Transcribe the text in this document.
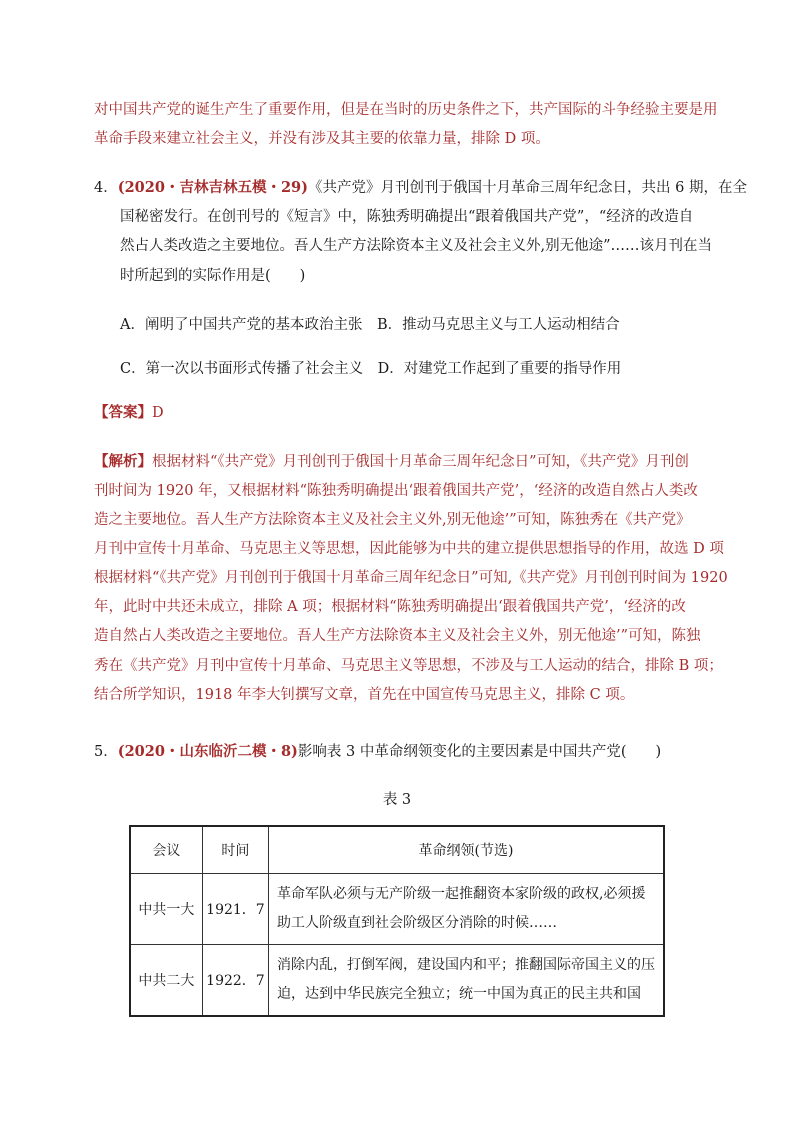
对中国共产党的诞生产生了重要作用，但是在当时的历史条件之下，共产国际的斗争经验主要是用
革命手段来建立社会主义，并没有涉及其主要的依靠力量，排除 D 项。
4．(2020・吉林吉林五模・29)《共产党》月刊创刊于俄国十月革命三周年纪念日，共出 6 期，在全
国秘密发行。在创刊号的《短言》中，陈独秀明确提出“跟着俄国共产党”，“经济的改造自
然占人类改造之主要地位。吾人生产方法除资本主义及社会主义外,别无他途”……该月刊在当
时所起到的实际作用是(　　)
A．阐明了中国共产党的基本政治主张　B．推动马克思主义与工人运动相结合
C．第一次以书面形式传播了社会主义　D．对建党工作起到了重要的指导作用
【答案】D
【解析】根据材料“《共产党》月刊创刊于俄国十月革命三周年纪念日”可知，《共产党》月刊创
刊时间为 1920 年，又根据材料“陈独秀明确提出‘跟着俄国共产党’，‘经济的改造自然占人类改
造之主要地位。吾人生产方法除资本主义及社会主义外,别无他途’”可知，陈独秀在《共产党》
月刊中宣传十月革命、马克思主义等思想，因此能够为中共的建立提供思想指导的作用，故选 D 项
根据材料“《共产党》月刊创刊于俄国十月革命三周年纪念日”可知,《共产党》月刊创刊时间为 1920
年，此时中共还未成立，排除 A 项；根据材料“陈独秀明确提出‘跟着俄国共产党’，‘经济的改
造自然占人类改造之主要地位。吾人生产方法除资本主义及社会主义外，别无他途’”可知，陈独
秀在《共产党》月刊中宣传十月革命、马克思主义等思想，不涉及与工人运动的结合，排除 B 项；
结合所学知识，1918 年李大钊撰写文章，首先在中国宣传马克思主义，排除 C 项。
5．(2020・山东临沂二模・8)影响表 3 中革命纲领变化的主要因素是中国共产党(　　)
表 3
会议	时间	革命纲领(节选)
中共一大	1921．7	革命军队必须与无产阶级一起推翻资本家阶级的政权,必须援
助工人阶级直到社会阶级区分消除的时候……

中共二大	1922．7	消除内乱，打倒军阀，建设国内和平；推翻国际帝国主义的压
迫，达到中华民族完全独立；统一中国为真正的民主共和国
